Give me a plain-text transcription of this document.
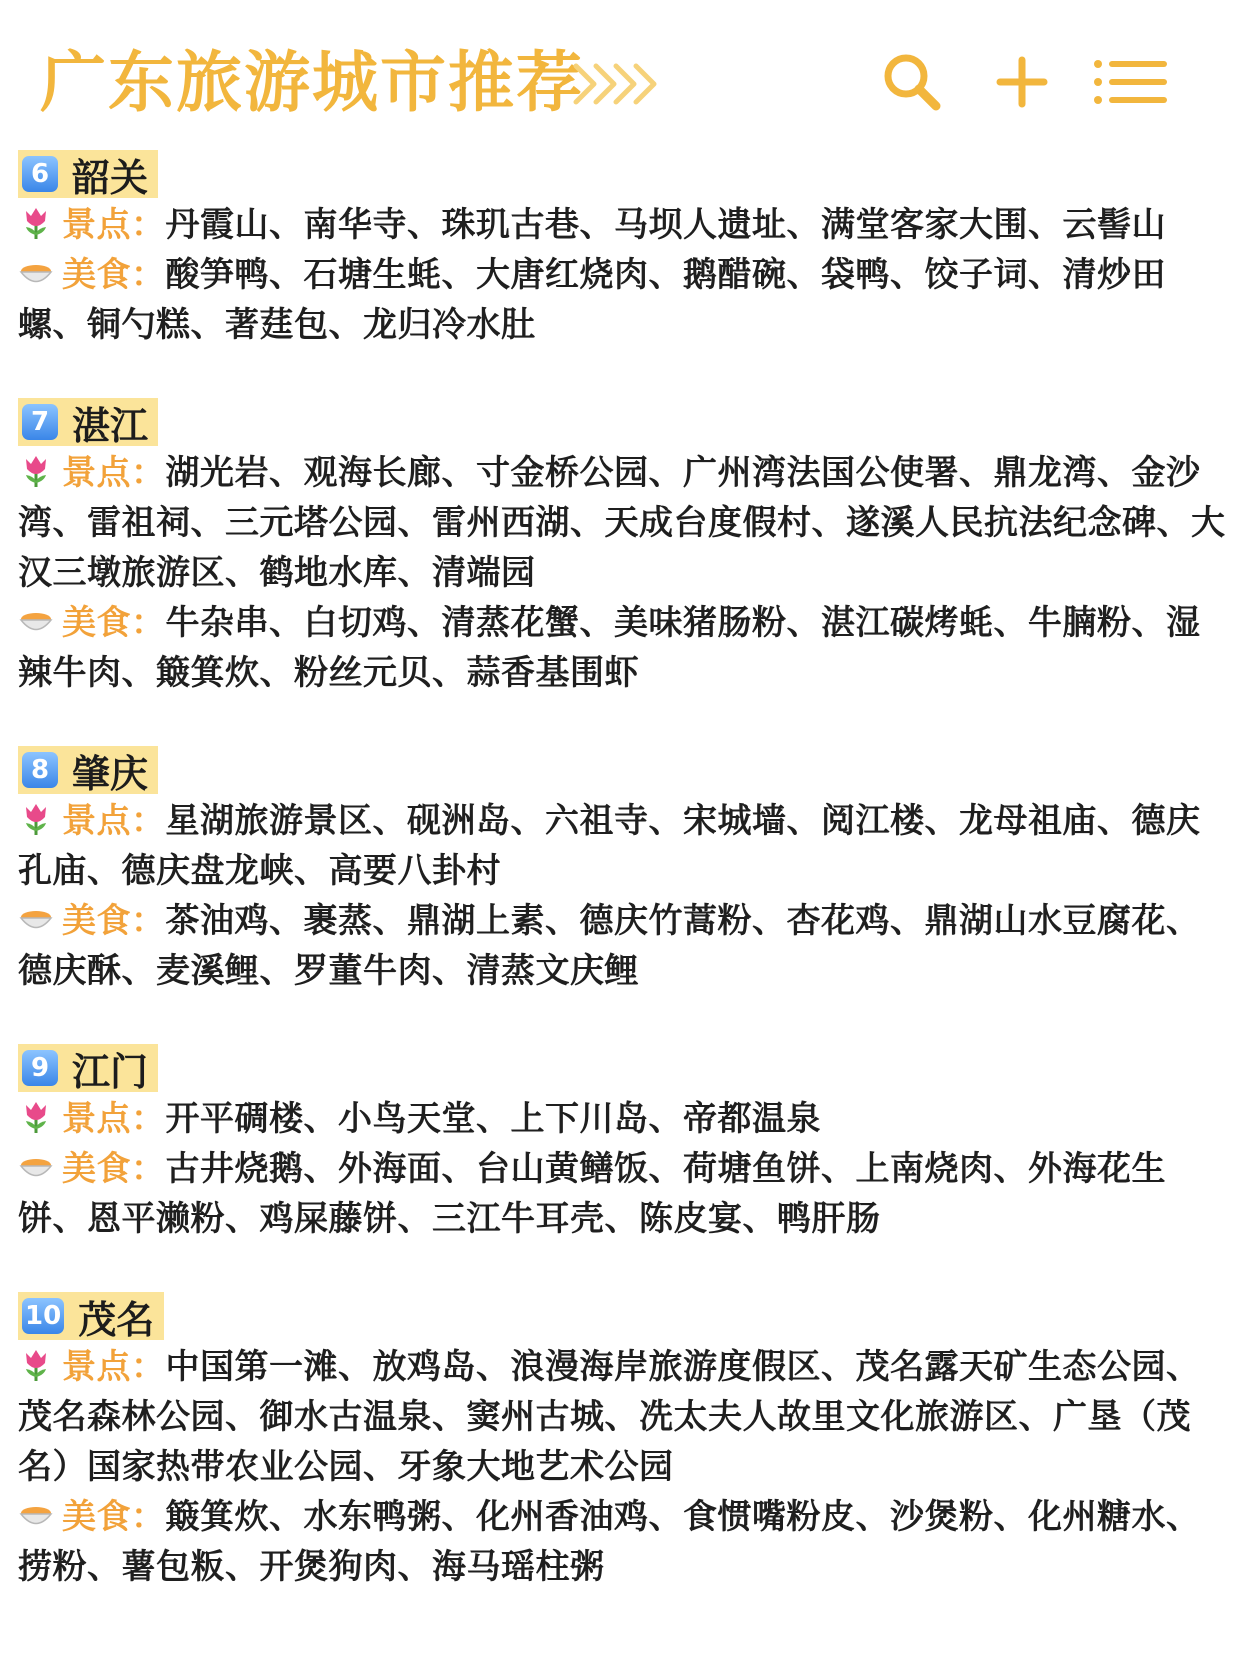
广东旅游城市推荐
6 韶关

景点：丹霞山、南华寺、珠玑古巷、马坝人遗址、满堂客家大围、云髻山

美食：酸笋鸭、石塘生蚝、大唐红烧肉、鹅醋碗、袋鸭、饺子词、清炒田螺、铜勺糕、著莛包、龙归冷水肚

7 湛江

景点：湖光岩、观海长廊、寸金桥公园、广州湾法国公使署、鼎龙湾、金沙湾、雷祖祠、三元塔公园、雷州西湖、天成台度假村、遂溪人民抗法纪念碑、大汉三墩旅游区、鹤地水库、清端园

美食：牛杂串、白切鸡、清蒸花蟹、美味猪肠粉、湛江碳烤蚝、牛腩粉、湿辣牛肉、簸箕炊、粉丝元贝、蒜香基围虾

8 肇庆

景点：星湖旅游景区、砚洲岛、六祖寺、宋城墙、阅江楼、龙母祖庙、德庆孔庙、德庆盘龙峡、高要八卦村

美食：茶油鸡、裹蒸、鼎湖上素、德庆竹蒿粉、杏花鸡、鼎湖山水豆腐花、德庆酥、麦溪鲤、罗董牛肉、清蒸文庆鲤

9 江门

景点：开平碉楼、小鸟天堂、上下川岛、帝都温泉

美食：古井烧鹅、外海面、台山黄鳝饭、荷塘鱼饼、上南烧肉、外海花生饼、恩平濑粉、鸡屎藤饼、三江牛耳壳、陈皮宴、鸭肝肠

10 茂名

景点：中国第一滩、放鸡岛、浪漫海岸旅游度假区、茂名露天矿生态公园、茂名森林公园、御水古温泉、窦州古城、冼太夫人故里文化旅游区、广垦（茂名）国家热带农业公园、牙象大地艺术公园

美食：簸箕炊、水东鸭粥、化州香油鸡、食惯嘴粉皮、沙煲粉、化州糖水、捞粉、薯包粄、开煲狗肉、海马瑶柱粥
